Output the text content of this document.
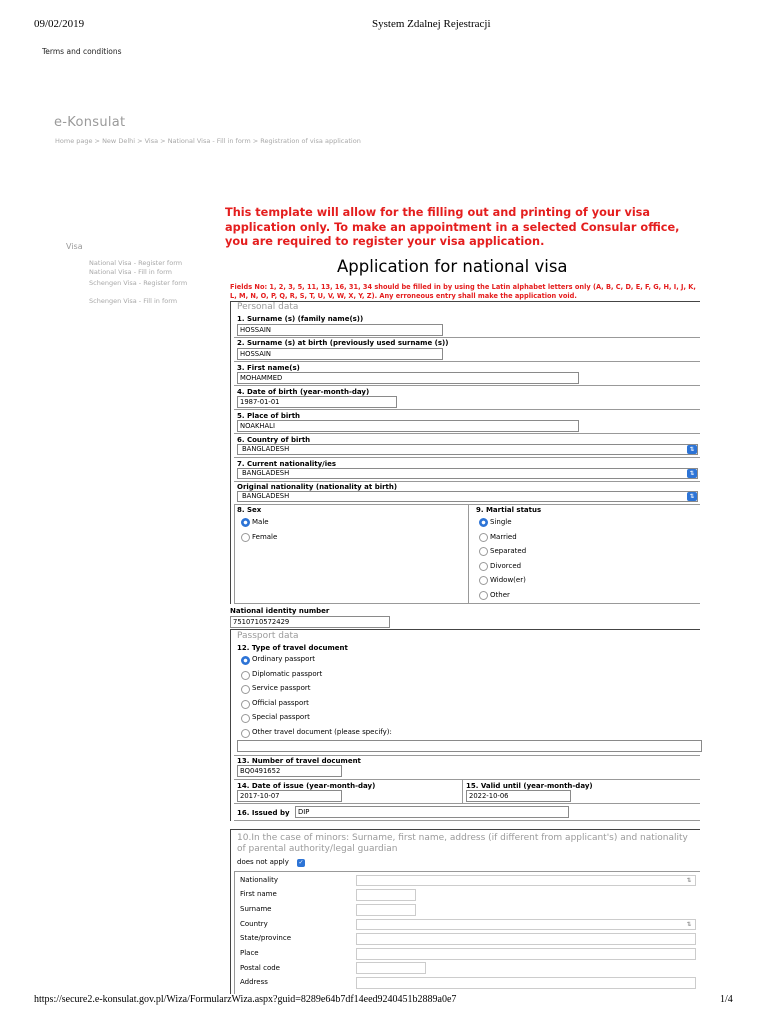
09/02/2019	System Zdalnej Rejestracji
Terms and conditions
e-Konsulat
Home page > New Delhi > Visa > National Visa - Fill in form > Registration of visa application
Visa
National Visa - Register form
National Visa - Fill in form
Schengen Visa - Register form
Schengen Visa - Fill in form
This template will allow for the filling out and printing of your visa application only. To make an appointment in a selected Consular office, you are required to register your visa application.
Application for national visa
Fields No: 1, 2, 3, 5, 11, 13, 16, 31, 34 should be filled in by using the Latin alphabet letters only (A, B, C, D, E, F, G, H, I, J, K, L, M, N, O, P, Q, R, S, T, U, V, W, X, Y, Z). Any erroneous entry shall make the application void.
Personal data
1. Surname (s) (family name(s))
HOSSAIN
2. Surname (s) at birth (previously used surname (s))
HOSSAIN
3. First name(s)
MOHAMMED
4. Date of birth (year-month-day)
1987-01-01
5. Place of birth
NOAKHALI
6. Country of birth
BANGLADESH	⇅
7. Current nationality/ies
BANGLADESH	⇅
Original nationality (nationality at birth)
BANGLADESH	⇅
8. Sex
Male
Female
9. Martial status
Single
Married
Separated
Divorced
Widow(er)
Other
National identity number
7510710572429
Passport data
12. Type of travel document
Ordinary passport
Diplomatic passport
Service passport
Official passport
Special passport
Other travel document (please specify):
13. Number of travel document
BQ0491652
14. Date of issue (year-month-day)
2017-10-07
15. Valid until (year-month-day)
2022-10-06
16. Issued by	DIP
10.In the case of minors: Surname, first name, address (if different from applicant's) and nationality of parental authority/legal guardian
does not apply ✓
Nationality	⇅
First name
Surname
Country	⇅
State/province
Place
Postal code
Address
https://secure2.e-konsulat.gov.pl/Wiza/FormularzWiza.aspx?guid=8289e64b7df14eed9240451b2889a0e7	1/4
